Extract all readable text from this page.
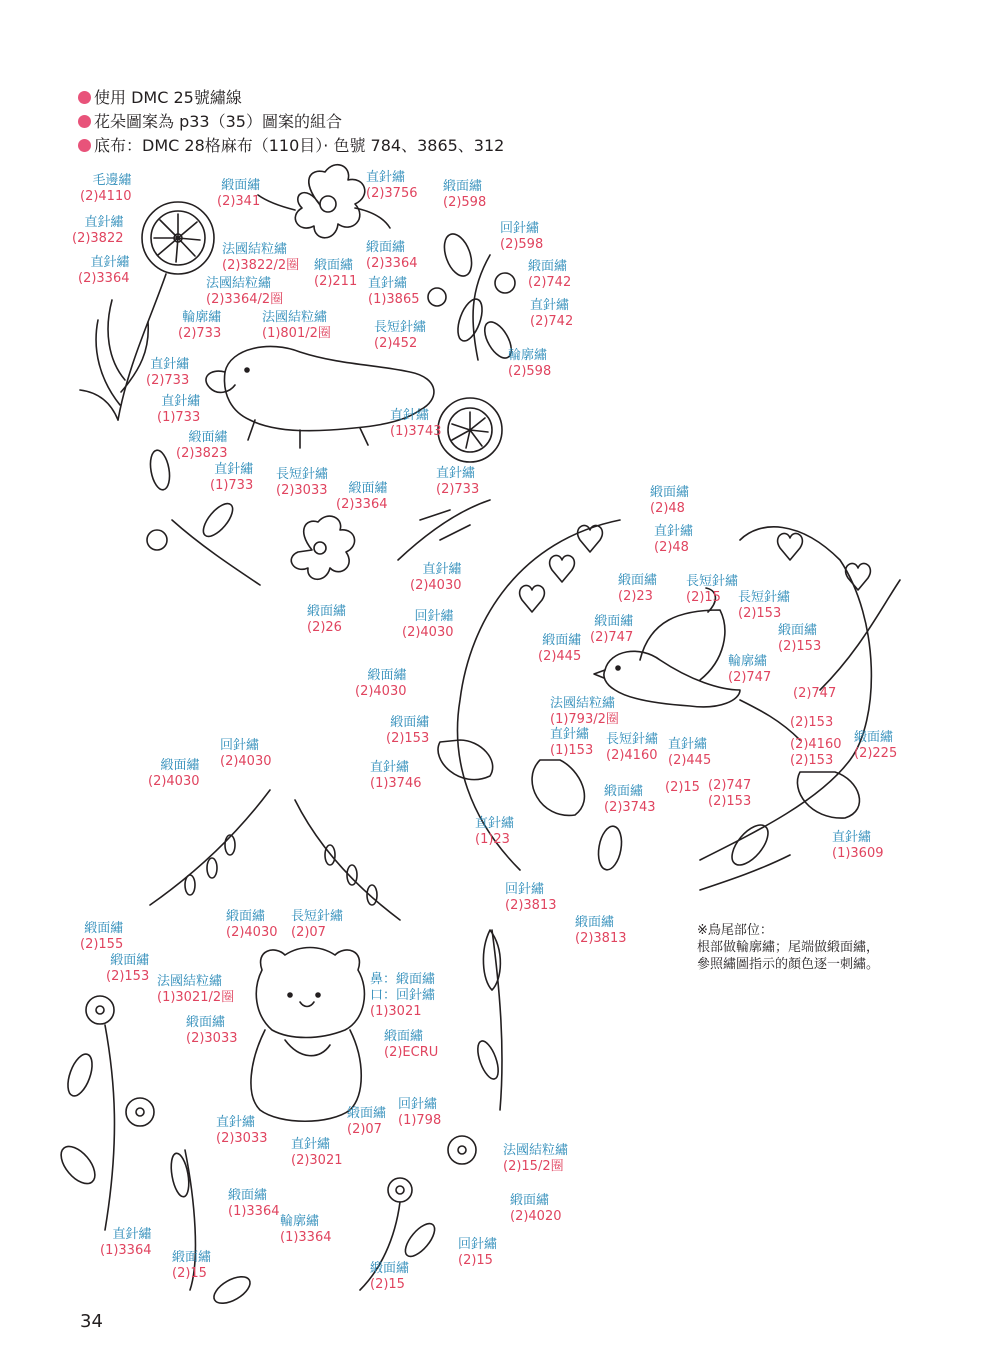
使用 DMC 25號繡線
花朵圖案為 p33（35）圖案的組合
底布：DMC 28格麻布（110目）· 色號 784、3865、312
毛邊繡
(2)4110
緞面繡
(2)341
直針繡
(2)3756 緞面繡
(2)598
直針繡
(2)3822
回針繡
(2)598
法國結粒繡
(2)3822/2圈
緞面繡
(2)3364
直針繡
(2)3364
緞面繡
(2)211 直針繡
(1)3865
緞面繡
(2)742
法國結粒繡
(2)3364/2圈	直針繡
(2)742
輪廓繡
(2)733
法國結粒繡
(1)801/2圈	長短針繡
(2)452
輪廓繡
(2)598
直針繡
(2)733
直針繡
(1)733	直針繡
(1)3743
緞面繡
(2)3823
直針繡
(1)733
長短針繡
(2)3033	緞面繡
(2)3364
直針繡
(2)733
緞面繡
(2)26
緞面繡
(2)48
直針繡
(2)48
直針繡
(2)4030	緞面繡
(2)23
長短針繡
(2)15	長短針繡
(2)153
回針繡
(2)4030
緞面繡
(2)747
緞面繡
(2)445
緞面繡
(2)153
輪廓繡
(2)747
緞面繡
(2)4030	(2)747
法國結粒繡
(1)793/2圈
緞面繡
(2)153
(2)153
直針繡
(1)153
長短針繡
(2)4160
直針繡
(2)445
(2)4160
(2)153
緞面繡
(2)225
回針繡
(2)4030
緞面繡
(2)4030
直針繡
(1)3746	(2)15 (2)747
(2)153
緞面繡
(2)3743
直針繡
(1)3609
直針繡
(1)23
回針繡
(2)3813
緞面繡
(2)3813
緞面繡
(2)4030
長短針繡
(2)07
緞面繡
(2)155
緞面繡
(2)153 法國結粒繡
(1)3021/2圈
鼻：緞面繡
口：回針繡
(1)3021
緞面繡
(2)3033	緞面繡
(2)ECRU
緞面繡
(2)07
回針繡
(1)798
直針繡
(2)3033 直針繡
(2)3021
法國結粒繡
(2)15/2圈
緞面繡
(1)3364
緞面繡
(2)4020
輪廓繡
(1)3364
直針繡
(1)3364 緞面繡
(2)15
回針繡
(2)15
緞面繡
(2)15
※鳥尾部位：
根部做輪廓繡；尾端做緞面繡，
參照繡圖指示的顏色逐一刺繡。
34
